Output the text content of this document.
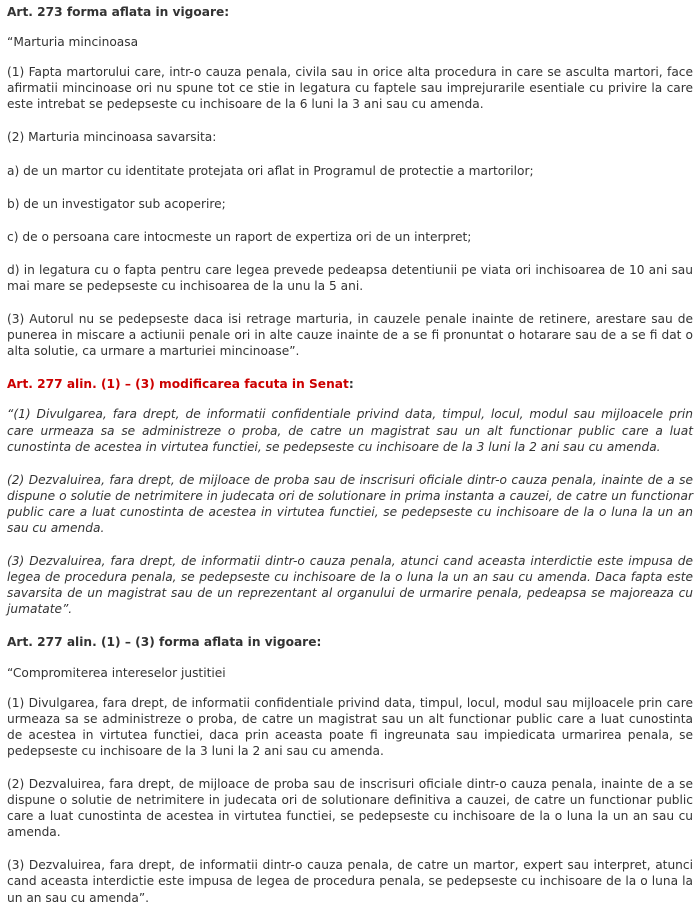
Art. 273 forma aflata in vigoare:

“Marturia mincinoasa

(1) Fapta martorului care, intr-o cauza penala, civila sau in orice alta procedura in care se asculta martori, face afirmatii mincinoase ori nu spune tot ce stie in legatura cu faptele sau imprejurarile esentiale cu privire la care este intrebat se pedepseste cu inchisoare de la 6 luni la 3 ani sau cu amenda.

(2) Marturia mincinoasa savarsita:

a) de un martor cu identitate protejata ori aflat in Programul de protectie a martorilor;

b) de un investigator sub acoperire;

c) de o persoana care intocmeste un raport de expertiza ori de un interpret;

d) in legatura cu o fapta pentru care legea prevede pedeapsa detentiunii pe viata ori inchisoarea de 10 ani sau mai mare se pedepseste cu inchisoarea de la unu la 5 ani.

(3) Autorul nu se pedepseste daca isi retrage marturia, in cauzele penale inainte de retinere, arestare sau de punerea in miscare a actiunii penale ori in alte cauze inainte de a se fi pronuntat o hotarare sau de a se fi dat o alta solutie, ca urmare a marturiei mincinoase”.

Art. 277 alin. (1) – (3) modificarea facuta in Senat:

“(1) Divulgarea, fara drept, de informatii confidentiale privind data, timpul, locul, modul sau mijloacele prin care urmeaza sa se administreze o proba, de catre un magistrat sau un alt functionar public care a luat cunostinta de acestea in virtutea functiei, se pedepseste cu inchisoare de la 3 luni la 2 ani sau cu amenda.

(2) Dezvaluirea, fara drept, de mijloace de proba sau de inscrisuri oficiale dintr-o cauza penala, inainte de a se dispune o solutie de netrimitere in judecata ori de solutionare in prima instanta a cauzei, de catre un functionar public care a luat cunostinta de acestea in virtutea functiei, se pedepseste cu inchisoare de la o luna la un an sau cu amenda.

(3) Dezvaluirea, fara drept, de informatii dintr-o cauza penala, atunci cand aceasta interdictie este impusa de legea de procedura penala, se pedepseste cu inchisoare de la o luna la un an sau cu amenda. Daca fapta este savarsita de un magistrat sau de un reprezentant al organului de urmarire penala, pedeapsa se majoreaza cu jumatate”.

Art. 277 alin. (1) – (3) forma aflata in vigoare:

“Compromiterea intereselor justitiei

(1) Divulgarea, fara drept, de informatii confidentiale privind data, timpul, locul, modul sau mijloacele prin care urmeaza sa se administreze o proba, de catre un magistrat sau un alt functionar public care a luat cunostinta de acestea in virtutea functiei, daca prin aceasta poate fi ingreunata sau impiedicata urmarirea penala, se pedepseste cu inchisoare de la 3 luni la 2 ani sau cu amenda.

(2) Dezvaluirea, fara drept, de mijloace de proba sau de inscrisuri oficiale dintr-o cauza penala, inainte de a se dispune o solutie de netrimitere in judecata ori de solutionare definitiva a cauzei, de catre un functionar public care a luat cunostinta de acestea in virtutea functiei, se pedepseste cu inchisoare de la o luna la un an sau cu amenda.

(3) Dezvaluirea, fara drept, de informatii dintr-o cauza penala, de catre un martor, expert sau interpret, atunci cand aceasta interdictie este impusa de legea de procedura penala, se pedepseste cu inchisoare de la o luna la un an sau cu amenda”.
